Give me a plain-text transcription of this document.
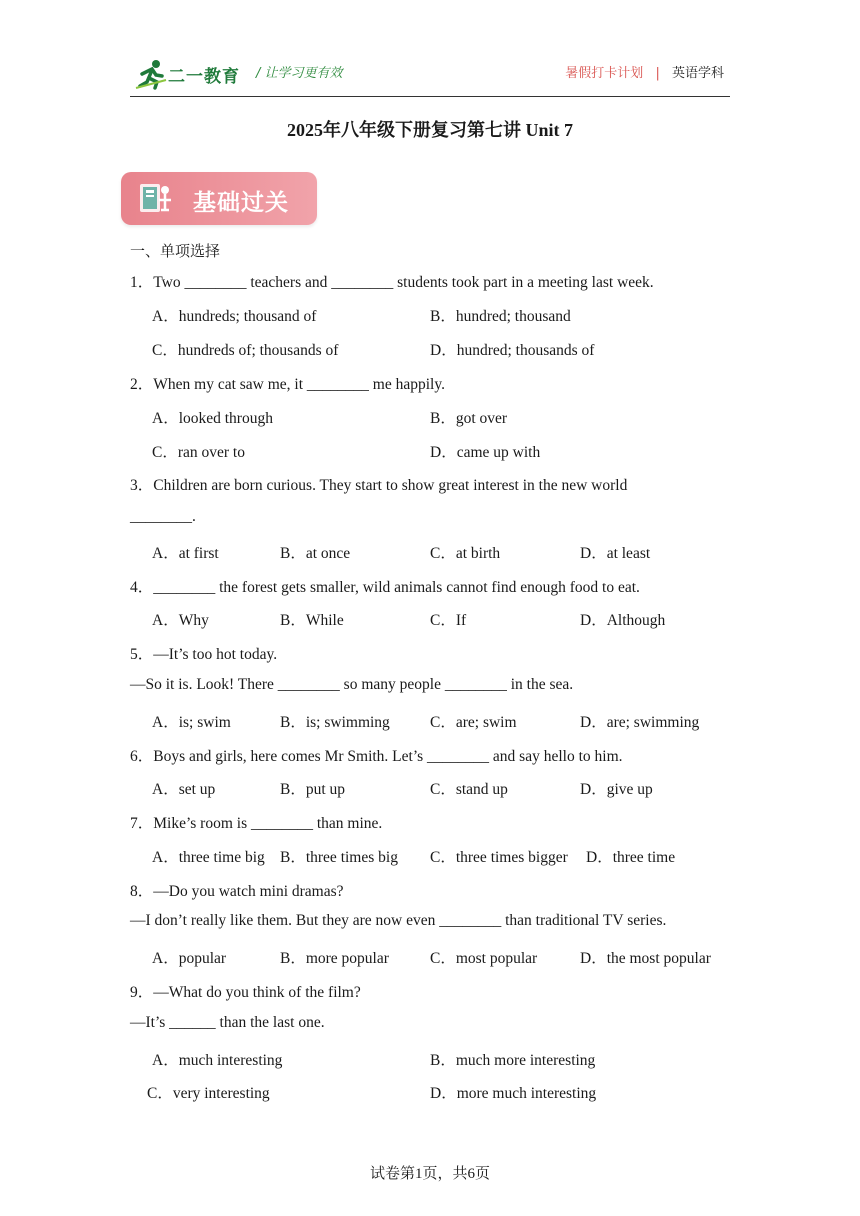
二一教育 / 让学习更有效	暑假打卡计划 | 英语学科
2025年八年级下册复习第七讲 Unit 7
基础过关
一、单项选择
1．Two ________ teachers and ________ students took part in a meeting last week.
A．hundreds; thousand of	B．hundred; thousand
C．hundreds of; thousands of	D．hundred; thousands of
2．When my cat saw me, it ________ me happily.
A．looked through	B．got over
C．ran over to	D．came up with
3．Children are born curious. They start to show great interest in the new world
________.
A．at first	B．at once	C．at birth	D．at least
4．________ the forest gets smaller, wild animals cannot find enough food to eat.
A．Why	B．While	C．If	D．Although
5．—It’s too hot today.
—So it is. Look! There ________ so many people ________ in the sea.
A．is; swim	B．is; swimming	C．are; swim	D．are; swimming
6．Boys and girls, here comes Mr Smith. Let’s ________ and say hello to him.
A．set up	B．put up	C．stand up	D．give up
7．Mike’s room is ________ than mine.
A．three time big B．three times big C．three times bigger D．three time
8．—Do you watch mini dramas?
—I don’t really like them. But they are now even ________ than traditional TV series.
A．popular	B．more popular	C．most popular	D．the most popular
9．—What do you think of the film?
—It’s ______ than the last one.
A．much interesting	B．much more interesting
C．very interesting	D．more much interesting
试卷第1页，共6页
